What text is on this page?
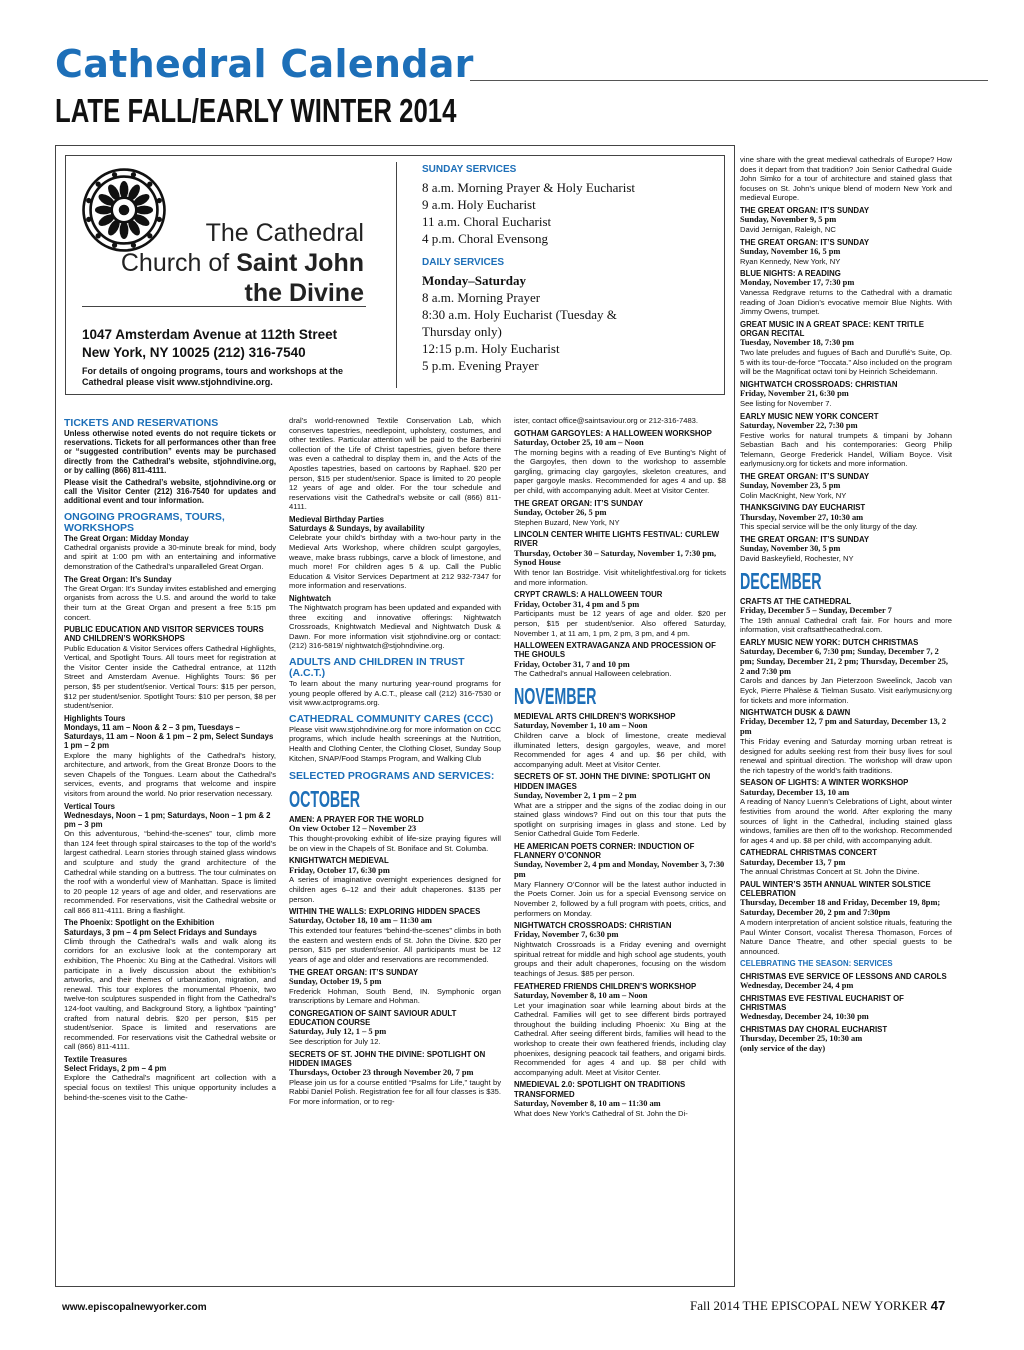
Cathedral Calendar
LATE FALL/EARLY WINTER 2014
The Cathedral
Church of Saint John
the Divine
1047 Amsterdam Avenue at 112th Street
New York, NY 10025 (212) 316-7540
For details of ongoing programs, tours and workshops at the Cathedral please visit www.stjohndivine.org.
SUNDAY SERVICES
8 a.m. Morning Prayer & Holy Eucharist
9 a.m. Holy Eucharist
11 a.m. Choral Eucharist
4 p.m. Choral Evensong
DAILY SERVICES
Monday–Saturday
8 a.m. Morning Prayer
8:30 a.m. Holy Eucharist (Tuesday &
Thursday only)
12:15 p.m. Holy Eucharist
5 p.m. Evening Prayer
TICKETS AND RESERVATIONS
Unless otherwise noted events do not require tickets or reservations. Tickets for all performances other than free or “suggested contribution” events may be purchased directly from the Cathedral’s website, stjohndivine.org, or by calling (866) 811-4111.
Please visit the Cathedral’s website, stjohndivine.org or call the Visitor Center (212) 316-7540 for updates and additional event and tour information.
ONGOING PROGRAMS, TOURS, WORKSHOPS
The Great Organ: Midday Monday
Cathedral organists provide a 30-minute break for mind, body and spirit at 1:00 pm with an entertaining and informative demonstration of the Cathedral’s unparalleled Great Organ.
The Great Organ: It’s Sunday
The Great Organ: It’s Sunday invites established and emerging organists from across the U.S. and around the world to take their turn at the Great Organ and present a free 5:15 pm concert.
PUBLIC EDUCATION AND VISITOR SERVICES TOURS AND CHILDREN’S WORKSHOPS
Public Education & Visitor Services offers Cathedral Highlights, Vertical, and Spotlight Tours. All tours meet for registration at the Visitor Center inside the Cathedral entrance, at 112th Street and Amsterdam Avenue. Highlights Tours: $6 per person, $5 per student/senior. Vertical Tours: $15 per person, $12 per student/senior. Spotlight Tours: $10 per person, $8 per student/senior.
Highlights Tours
Mondays, 11 am – Noon & 2 – 3 pm, Tuesdays – Saturdays, 11 am – Noon & 1 pm – 2 pm, Select Sundays 1 pm – 2 pm
Explore the many highlights of the Cathedral’s history, architecture, and artwork, from the Great Bronze Doors to the seven Chapels of the Tongues. Learn about the Cathedral’s services, events, and programs that welcome and inspire visitors from around the world. No prior reservation necessary.
Vertical Tours
Wednesdays, Noon – 1 pm; Saturdays, Noon – 1 pm & 2 pm – 3 pm
On this adventurous, “behind-the-scenes” tour, climb more than 124 feet through spiral staircases to the top of the world’s largest cathedral. Learn stories through stained glass windows and sculpture and study the grand architecture of the Cathedral while standing on a buttress. The tour culminates on the roof with a wonderful view of Manhattan. Space is limited to 20 people 12 years of age and older, and reservations are recommended. For reservations, visit the Cathedral website or call 866 811-4111. Bring a flashlight.
The Phoenix: Spotlight on the Exhibition
Saturdays, 3 pm – 4 pm Select Fridays and Sundays
Climb through the Cathedral’s walls and walk along its corridors for an exclusive look at the contemporary art exhibition, The Phoenix: Xu Bing at the Cathedral. Visitors will participate in a lively discussion about the exhibition’s artworks, and their themes of urbanization, migration, and renewal. This tour explores the monumental Phoenix, two twelve-ton sculptures suspended in flight from the Cathedral’s 124-foot vaulting, and Background Story, a lightbox “painting” crafted from natural debris. $20 per person, $15 per student/senior. Space is limited and reservations are recommended. For reservations visit the Cathedral website or call (866) 811-4111.
Textile Treasures
Select Fridays, 2 pm – 4 pm
Explore the Cathedral’s magnificent art collection with a special focus on textiles! This unique opportunity includes a behind-the-scenes visit to the Cathe-
dral’s world-renowned Textile Conservation Lab, which conserves tapestries, needlepoint, upholstery, costumes, and other textiles. Particular attention will be paid to the Barberini collection of the Life of Christ tapestries, given before there was even a cathedral to display them in, and the Acts of the Apostles tapestries, based on cartoons by Raphael. $20 per person, $15 per student/senior. Space is limited to 20 people 12 years of age and older. For the tour schedule and reservations visit the Cathedral’s website or call (866) 811-4111.
Medieval Birthday Parties
Saturdays & Sundays, by availability
Celebrate your child’s birthday with a two-hour party in the Medieval Arts Workshop, where children sculpt gargoyles, weave, make brass rubbings, carve a block of limestone, and much more! For children ages 5 & up. Call the Public Education & Visitor Services Department at 212 932-7347 for more information and reservations.
Nightwatch
The Nightwatch program has been updated and expanded with three exciting and innovative offerings: Nightwatch Crossroads, Knightwatch Medieval and Nightwatch Dusk & Dawn. For more information visit stjohndivine.org or contact: (212) 316-5819/ nightwatch@stjohndivine.org.
ADULTS AND CHILDREN IN TRUST (A.C.T.)
To learn about the many nurturing year-round programs for young people offered by A.C.T., please call (212) 316-7530 or visit www.actprograms.org.
CATHEDRAL COMMUNITY CARES (CCC)
Please visit www.stjohndivine.org for more information on CCC programs, which include health screenings at the Nutrition, Health and Clothing Center, the Clothing Closet, Sunday Soup Kitchen, SNAP/Food Stamps Program, and Walking Club
SELECTED PROGRAMS AND SERVICES:
OCTOBER
AMEN: A PRAYER FOR THE WORLD
On view October 12 – November 23
This thought-provoking exhibit of life-size praying figures will be on view in the Chapels of St. Boniface and St. Columba.
KNIGHTWATCH MEDIEVAL
Friday, October 17, 6:30 pm
A series of imaginative overnight experiences designed for children ages 6–12 and their adult chaperones. $135 per person.
WITHIN THE WALLS: EXPLORING HIDDEN SPACES
Saturday, October 18, 10 am – 11:30 am
This extended tour features “behind-the-scenes” climbs in both the eastern and western ends of St. John the Divine. $20 per person, $15 per student/senior. All participants must be 12 years of age and older and reservations are recommended.
THE GREAT ORGAN: IT’S SUNDAY
Sunday, October 19, 5 pm
Frederick Hohman, South Bend, IN. Symphonic organ transcriptions by Lemare and Hohman.
CONGREGATION OF SAINT SAVIOUR ADULT EDUCATION COURSE
Saturday, July 12, 1 – 5 pm
See description for July 12.
SECRETS OF ST. JOHN THE DIVINE: SPOTLIGHT ON HIDDEN IMAGES
Thursdays, October 23 through November 20, 7 pm
Please join us for a course entitled “Psalms for Life,” taught by Rabbi Daniel Polish. Registration fee for all four classes is $35. For more information, or to reg-
ister, contact office@saintsaviour.org or 212-316-7483.
GOTHAM GARGOYLES: A HALLOWEEN WORKSHOP
Saturday, October 25, 10 am – Noon
The morning begins with a reading of Eve Bunting’s Night of the Gargoyles, then down to the workshop to assemble gargling, grimacing clay gargoyles, skeleton creatures, and paper gargoyle masks. Recommended for ages 4 and up. $8 per child, with accompanying adult. Meet at Visitor Center.
THE GREAT ORGAN: IT’S SUNDAY
Sunday, October 26, 5 pm
Stephen Buzard, New York, NY
LINCOLN CENTER WHITE LIGHTS FESTIVAL: CURLEW RIVER
Thursday, October 30 – Saturday, November 1, 7:30 pm, Synod House
With tenor Ian Bostridge. Visit whitelightfestival.org for tickets and more information.
CRYPT CRAWLS: A HALLOWEEN TOUR
Friday, October 31, 4 pm and 5 pm
Participants must be 12 years of age and older. $20 per person, $15 per student/senior. Also offered Saturday, November 1, at 11 am, 1 pm, 2 pm, 3 pm, and 4 pm.
HALLOWEEN EXTRAVAGANZA AND PROCESSION OF THE GHOULS
Friday, October 31, 7 and 10 pm
The Cathedral’s annual Halloween celebration.
NOVEMBER
MEDIEVAL ARTS CHILDREN’S WORKSHOP
Saturday, November 1, 10 am – Noon
Children carve a block of limestone, create medieval illuminated letters, design gargoyles, weave, and more! Recommended for ages 4 and up. $6 per child, with accompanying adult. Meet at Visitor Center.
SECRETS OF ST. JOHN THE DIVINE: SPOTLIGHT ON HIDDEN IMAGES
Sunday, November 2, 1 pm – 2 pm
What are a stripper and the signs of the zodiac doing in our stained glass windows? Find out on this tour that puts the spotlight on surprising images in glass and stone. Led by Senior Cathedral Guide Tom Federle.
HE AMERICAN POETS CORNER: INDUCTION OF FLANNERY O’CONNOR
Sunday, November 2, 4 pm and Monday, November 3, 7:30 pm
Mary Flannery O’Connor will be the latest author inducted in the Poets Corner. Join us for a special Evensong service on November 2, followed by a full program with poets, critics, and performers on Monday.
NIGHTWATCH CROSSROADS: CHRISTIAN
Friday, November 7, 6:30 pm
Nightwatch Crossroads is a Friday evening and overnight spiritual retreat for middle and high school age students, youth groups and their adult chaperones, focusing on the wisdom teachings of Jesus. $85 per person.
FEATHERED FRIENDS CHILDREN’S WORKSHOP
Saturday, November 8, 10 am – Noon
Let your imagination soar while learning about birds at the Cathedral. Families will get to see different birds portrayed throughout the building including Phoenix: Xu Bing at the Cathedral. After seeing different birds, families will head to the workshop to create their own feathered friends, including clay phoenixes, designing peacock tail feathers, and origami birds. Recommended for ages 4 and up. $8 per child with accompanying adult. Meet at Visitor Center.
NMEDIEVAL 2.0: SPOTLIGHT ON TRADITIONS TRANSFORMED
Saturday, November 8, 10 am – 11:30 am
What does New York’s Cathedral of St. John the Di-
vine share with the great medieval cathedrals of Europe? How does it depart from that tradition? Join Senior Cathedral Guide John Simko for a tour of architecture and stained glass that focuses on St. John’s unique blend of modern New York and medieval Europe.
THE GREAT ORGAN: IT’S SUNDAY
Sunday, November 9, 5 pm
David Jernigan, Raleigh, NC
THE GREAT ORGAN: IT’S SUNDAY
Sunday, November 16, 5 pm
Ryan Kennedy, New York, NY
BLUE NIGHTS: A READING
Monday, November 17, 7:30 pm
Vanessa Redgrave returns to the Cathedral with a dramatic reading of Joan Didion’s evocative memoir Blue Nights. With Jimmy Owens, trumpet.
GREAT MUSIC IN A GREAT SPACE: KENT TRITLE ORGAN RECITAL
Tuesday, November 18, 7:30 pm
Two late preludes and fugues of Bach and Duruflé’s Suite, Op. 5 with its tour-de-force “Toccata.” Also included on the program will be the Magnificat octavi toni by Heinrich Scheidemann.
NIGHTWATCH CROSSROADS: CHRISTIAN
Friday, November 21, 6:30 pm
See listing for November 7.
EARLY MUSIC NEW YORK CONCERT
Saturday, November 22, 7:30 pm
Festive works for natural trumpets & timpani by Johann Sebastian Bach and his contemporaries: Georg Philip Telemann, George Frederick Handel, William Boyce. Visit earlymusicny.org for tickets and more information.
THE GREAT ORGAN: IT’S SUNDAY
Sunday, November 23, 5 pm
Colin MacKnight, New York, NY
THANKSGIVING DAY EUCHARIST
Thursday, November 27, 10:30 am
This special service will be the only liturgy of the day.
THE GREAT ORGAN: IT’S SUNDAY
Sunday, November 30, 5 pm
David Baskeyfield, Rochester, NY
DECEMBER
CRAFTS AT THE CATHEDRAL
Friday, December 5 – Sunday, December 7
The 19th annual Cathedral craft fair. For hours and more information, visit craftsatthecathedral.com.
EARLY MUSIC NEW YORK: DUTCH CHRISTMAS
Saturday, December 6, 7:30 pm; Sunday, December 7, 2 pm; Sunday, December 21, 2 pm; Thursday, December 25, 2 and 7:30 pm
Carols and dances by Jan Pieterzoon Sweelinck, Jacob van Eyck, Pierre Phalèse & Tielman Susato. Visit earlymusicny.org for tickets and more information.
NIGHTWATCH DUSK & DAWN
Friday, December 12, 7 pm and Saturday, December 13, 2 pm
This Friday evening and Saturday morning urban retreat is designed for adults seeking rest from their busy lives for soul renewal and spiritual direction. The workshop will draw upon the rich tapestry of the world’s faith traditions.
SEASON OF LIGHTS: A WINTER WORKSHOP
Saturday, December 13, 10 am
A reading of Nancy Luenn’s Celebrations of Light, about winter festivities from around the world. After exploring the many sources of light in the Cathedral, including stained glass windows, families are then off to the workshop. Recommended for ages 4 and up. $8 per child, with accompanying adult.
CATHEDRAL CHRISTMAS CONCERT
Saturday, December 13, 7 pm
The annual Christmas Concert at St. John the Divine.
PAUL WINTER’S 35TH ANNUAL WINTER SOLSTICE CELEBRATION
Thursday, December 18 and Friday, December 19, 8pm; Saturday, December 20, 2 pm and 7:30pm
A modern interpretation of ancient solstice rituals, featuring the Paul Winter Consort, vocalist Theresa Thomason, Forces of Nature Dance Theatre, and other special guests to be announced.
CELEBRATING THE SEASON: SERVICES
CHRISTMAS EVE SERVICE OF LESSONS AND CAROLS
Wednesday, December 24, 4 pm
CHRISTMAS EVE FESTIVAL EUCHARIST OF CHRISTMAS
Wednesday, December 24, 10:30 pm
CHRISTMAS DAY CHORAL EUCHARIST
Thursday, December 25, 10:30 am
(only service of the day)
www.episcopalnewyorker.com	Fall 2014 THE EPISCOPAL NEW YORKER 47
